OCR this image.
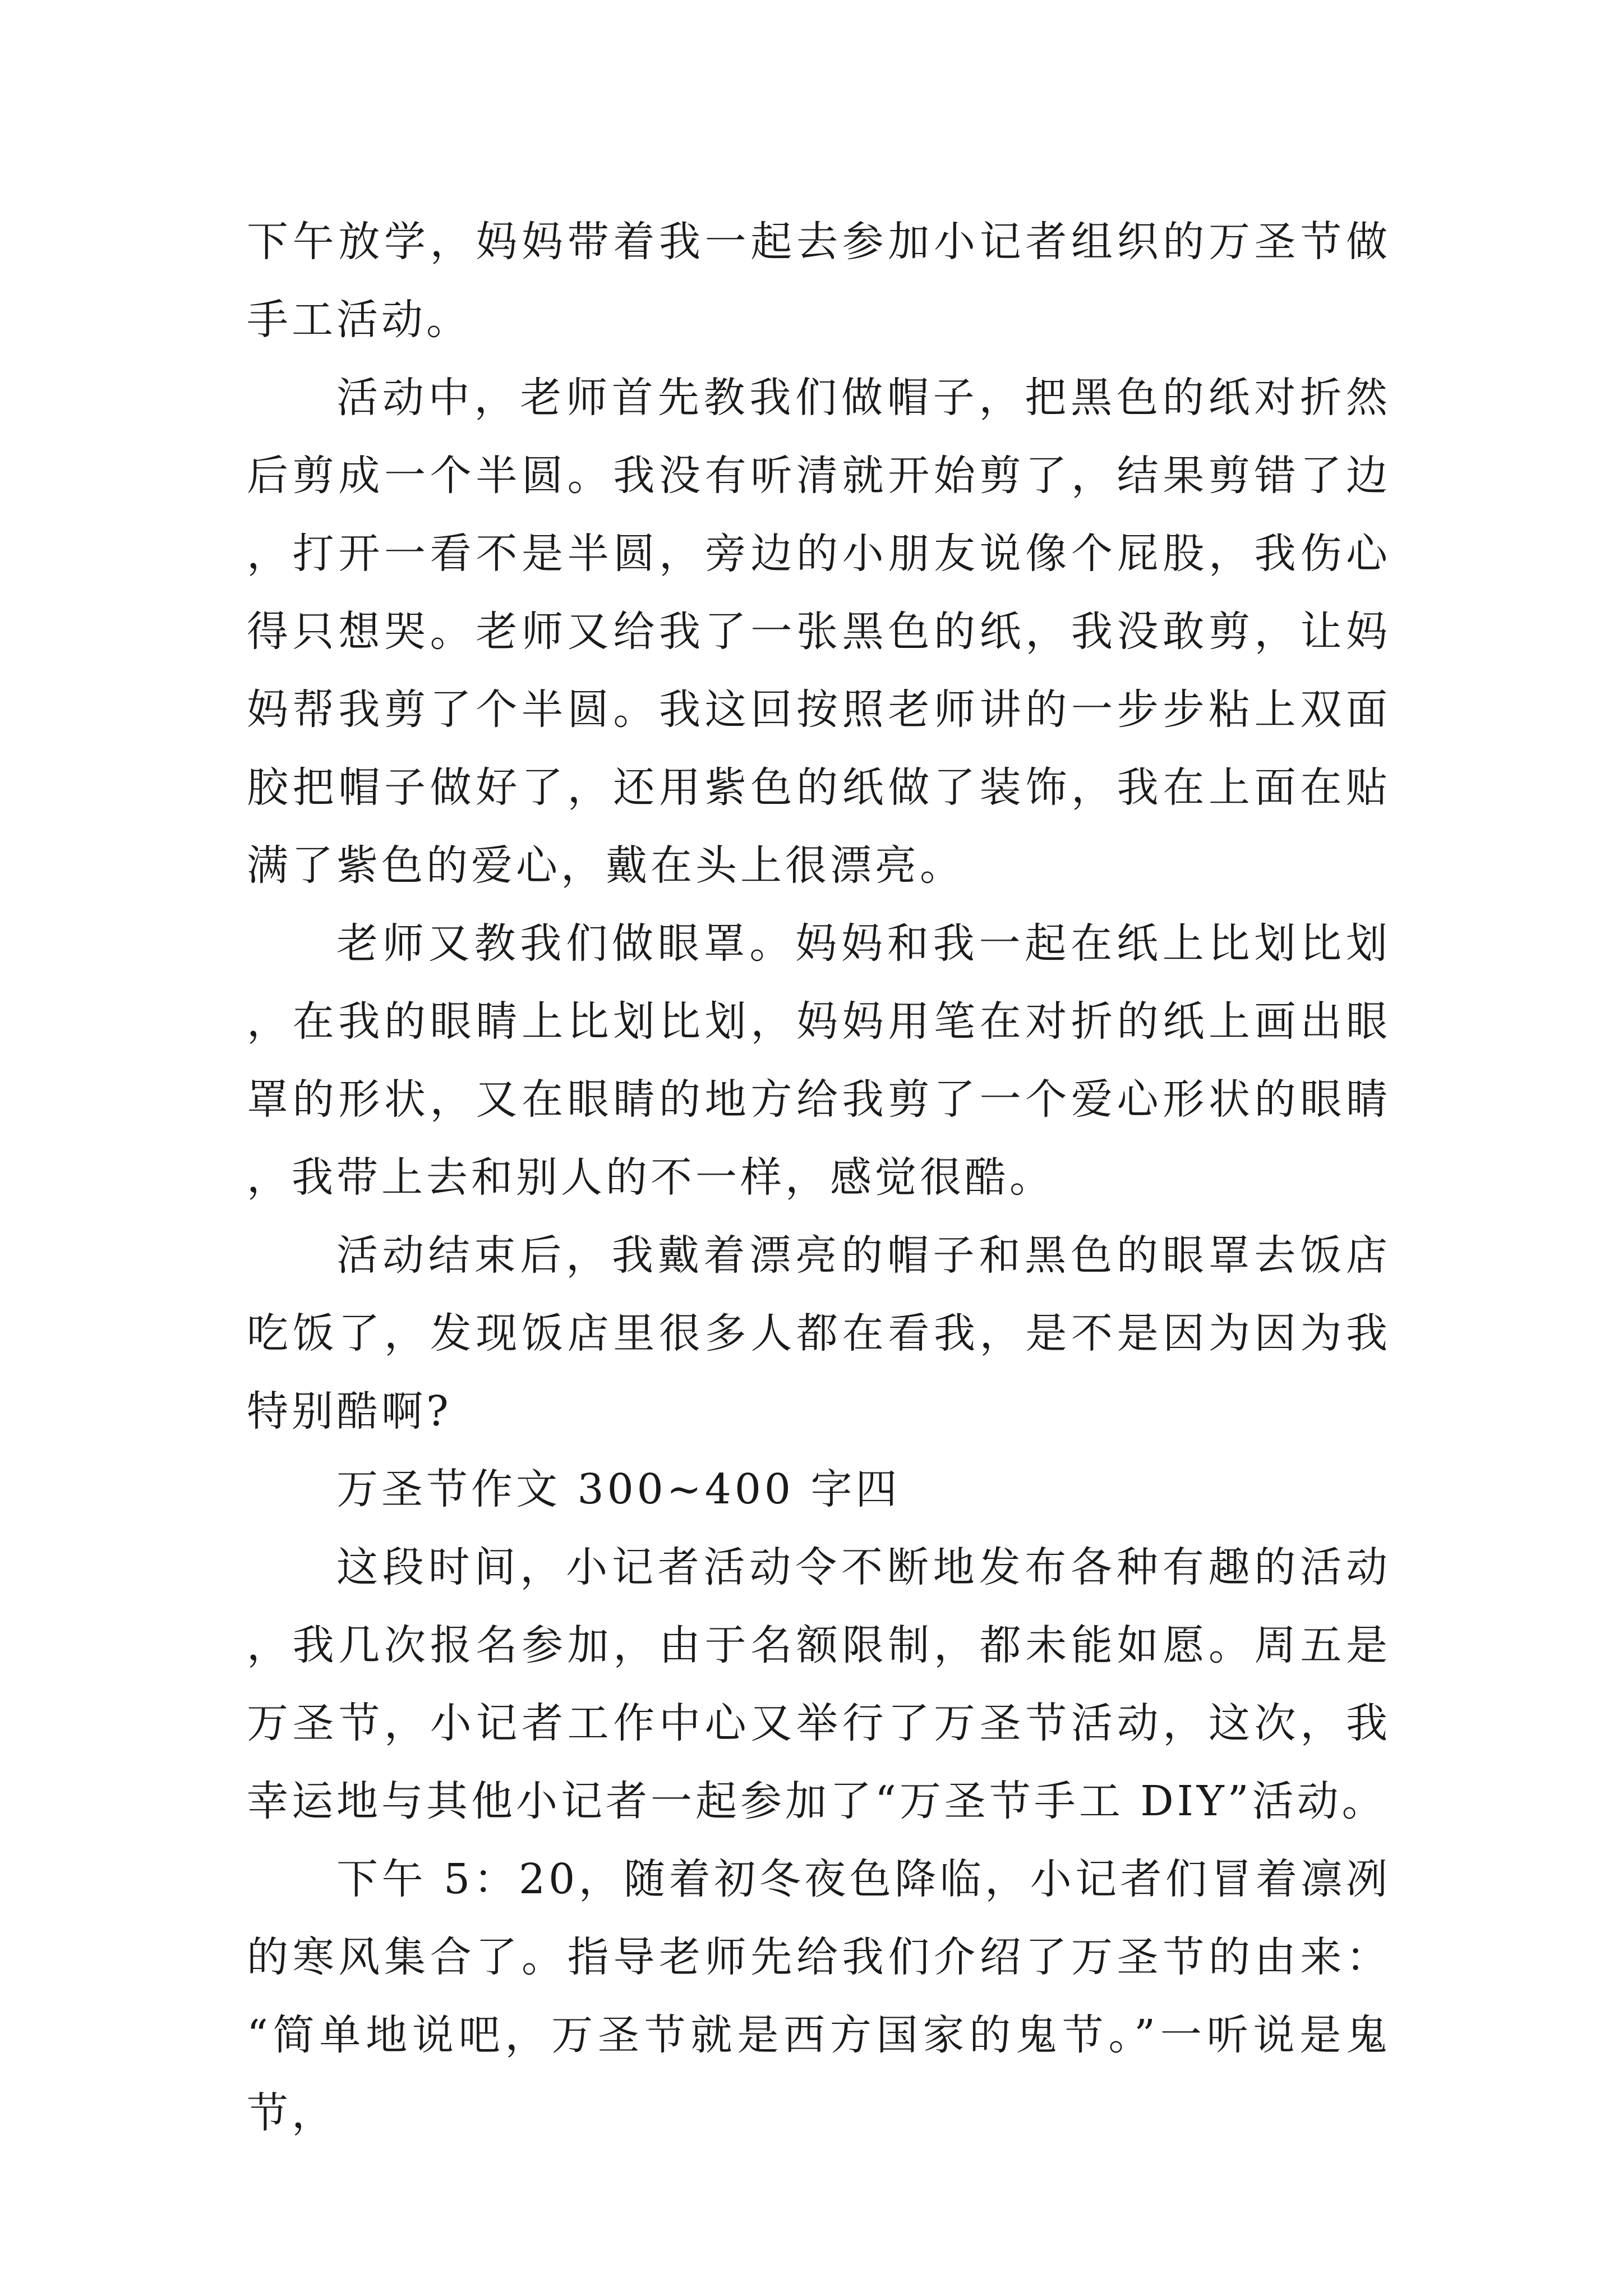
下午放学，妈妈带着我一起去参加小记者组织的万圣节做手工活动。

活动中，老师首先教我们做帽子，把黑色的纸对折然后剪成一个半圆。我没有听清就开始剪了，结果剪错了边，打开一看不是半圆，旁边的小朋友说像个屁股，我伤心得只想哭。老师又给我了一张黑色的纸，我没敢剪，让妈妈帮我剪了个半圆。我这回按照老师讲的一步步粘上双面胶把帽子做好了，还用紫色的纸做了装饰，我在上面在贴满了紫色的爱心，戴在头上很漂亮。

老师又教我们做眼罩。妈妈和我一起在纸上比划比划，在我的眼睛上比划比划，妈妈用笔在对折的纸上画出眼罩的形状，又在眼睛的地方给我剪了一个爱心形状的眼睛，我带上去和别人的不一样，感觉很酷。

活动结束后，我戴着漂亮的帽子和黑色的眼罩去饭店吃饭了，发现饭店里很多人都在看我，是不是因为因为我特别酷啊?

万圣节作文 300~400 字四

这段时间，小记者活动令不断地发布各种有趣的活动，我几次报名参加，由于名额限制，都未能如愿。周五是万圣节，小记者工作中心又举行了万圣节活动，这次，我幸运地与其他小记者一起参加了“万圣节手工 DIY”活动。

下午 5：20，随着初冬夜色降临，小记者们冒着凛冽的寒风集合了。指导老师先给我们介绍了万圣节的由来：“简单地说吧，万圣节就是西方国家的鬼节。”一听说是鬼节，
